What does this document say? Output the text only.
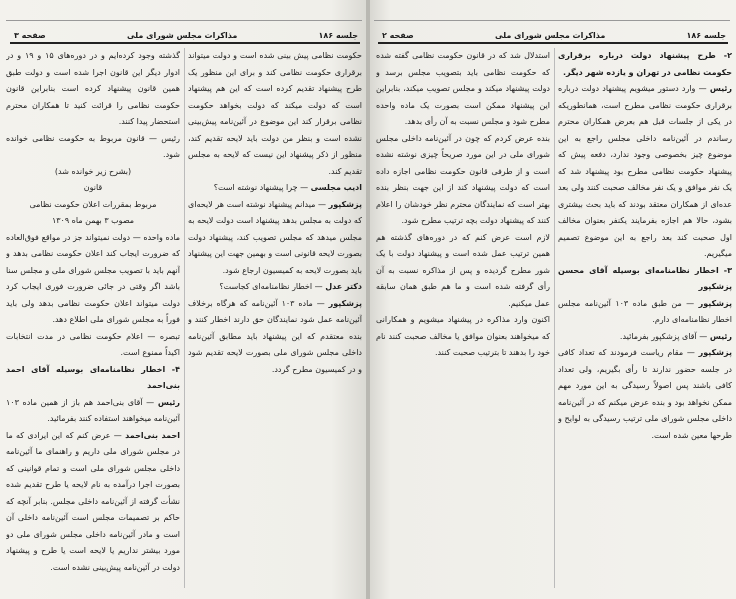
صفحه ۳	مذاکرات مجلس شورای ملی	جلسه ۱۸۶
حکومت نظامی پیش بینی شده است و دولت میتواند برقراری حکومت نظامی کند و برای این منظور یک طرح پیشنهاد تقدیم کرده است که این هم پیشنهاد است که دولت میکند که دولت بخواهد حکومت نظامی برقرار کند این موضوع در آئین‌نامه پیش‌بینی نشده است و بنظر من دولت باید لایحه تقدیم کند، منظور از ذکر پیشنهاد این نیست که لایحه به مجلس تقدیم کند.
ادیب مجلسی — چرا پیشنهاد نوشته است؟
پزشکپور — میدانم پیشنهاد نوشته است هر لایحه‌ای که دولت به مجلس بدهد پیشنهاد است دولت لایحه به مجلس میدهد که مجلس تصویب کند، پیشنهاد دولت بصورت لایحه قانونی است و بهمین جهت این پیشنهاد باید بصورت لایحه به کمیسیون ارجاع شود.
دکتر عدل — اخطار نظامنامه‌ای کجاست؟
پزشکپور — ماده ۱۰۳ آئین‌نامه که هرگاه برخلاف آئین‌نامه عمل شود نمایندگان حق دارند اخطار کنند و بنده معتقدم که این پیشنهاد باید مطابق آئین‌نامه داخلی مجلس شورای ملی بصورت لایحه تقدیم شود و در کمیسیون مطرح گردد.
گذشته وجود کرده‌ایم و در دوره‌های ۱۵ و ۱۹ و در ادوار دیگر این قانون اجرا شده است و دولت طبق همین قانون پیشنهاد کرده است بنابراین قانون حکومت نظامی را قرائت کنید تا همکاران محترم استحضار پیدا کنند.
رئیس — قانون مربوط به حکومت نظامی خوانده شود.
(بشرح زیر خوانده شد)
قانون
مربوط بمقررات اعلان حکومت نظامی
مصوب ۳ بهمن ماه ۱۳۰۹
ماده واحده — دولت نمیتواند جز در مواقع فوق‌العاده که ضرورت ایجاب کند اعلان حکومت نظامی بدهد و آنهم باید با تصویب مجلس شورای ملی و مجلس سنا باشد اگر وقتی در جائی ضرورت فوری ایجاب کرد دولت میتواند اعلان حکومت نظامی بدهد ولی باید فوراً به مجلس شورای ملی اطلاع دهد.
تبصره — اعلام حکومت نظامی در مدت انتخابات اکیداً ممنوع است.
۴- اخطار نظامنامه‌ای بوسیله آقای احمد بنی‌احمد
رئیس — آقای بنی‌احمد هم باز از همین ماده ۱۰۳ آئین‌نامه میخواهند استفاده کنند بفرمائید.
احمد بنی‌احمد — عرض کنم که این ایرادی که ما در مجلس شورای ملی داریم و راهنمای ما آئین‌نامه داخلی مجلس شورای ملی است و تمام قوانینی که بصورت اجرا درآمده به نام لایحه یا طرح تقدیم شده نشأت گرفته از آئین‌نامه داخلی مجلس. بنابر آنچه که حاکم بر تصمیمات مجلس است آئین‌نامه داخلی آن است و مادر آئین‌نامه داخلی مجلس شورای ملی دو مورد بیشتر نداریم یا لایحه است یا طرح و پیشنهاد دولت در آئین‌نامه پیش‌بینی نشده است.
صفحه ۲	مذاکرات مجلس شورای ملی	جلسه ۱۸۶
استدلال شد که در قانون حکومت نظامی گفته شده که حکومت نظامی باید بتصویب مجلس برسد و دولت پیشنهاد میکند و مجلس تصویب میکند، بنابراین این پیشنهاد ممکن است بصورت یک ماده واحده مطرح شود و مجلس نسبت به آن رأی بدهد.
بنده عرض کردم که چون در آئین‌نامه داخلی مجلس شورای ملی در این مورد صریحاً چیزی نوشته نشده است و از طرفی قانون حکومت نظامی اجازه داده است که دولت پیشنهاد کند از این جهت بنظر بنده بهتر است که نمایندگان محترم نظر خودشان را اعلام کنند که پیشنهاد دولت بچه ترتیب مطرح شود.
لازم است عرض کنم که در دوره‌های گذشته هم همین ترتیب عمل شده است و پیشنهاد دولت با یک شور مطرح گردیده و پس از مذاکره نسبت به آن رأی گرفته شده است و ما هم طبق همان سابقه عمل میکنیم.
اکنون وارد مذاکره در پیشنهاد میشویم و همکارانی که میخواهند بعنوان موافق یا مخالف صحبت کنند نام خود را بدهند تا بترتیب صحبت کنند.
۲- طرح پیشنهاد دولت درباره برقراری حکومت نظامی در تهران و یازده شهر دیگر.
رئیس — وارد دستور میشویم پیشنهاد دولت درباره برقراری حکومت نظامی مطرح است، همانطوریکه در یکی از جلسات قبل هم بعرض همکاران محترم رساندم در آئین‌نامه داخلی مجلس راجع به این موضوع چیز بخصوصی وجود ندارد، دفعه پیش که پیشنهاد حکومت نظامی مطرح بود پیشنهاد شد که یک نفر موافق و یک نفر مخالف صحبت کنند ولی بعد عده‌ای از همکاران معتقد بودند که باید بحث بیشتری بشود، حالا هم اجازه بفرمایند یکنفر بعنوان مخالف اول صحبت کند بعد راجع به این موضوع تصمیم میگیریم.
۳- اخطار نظامنامه‌ای بوسیله آقای محسن پزشکپور
پزشکپور — من طبق ماده ۱۰۳ آئین‌نامه مجلس اخطار نظامنامه‌ای دارم.
رئیس — آقای پزشکپور بفرمائید.
پزشکپور — مقام ریاست فرمودند که تعداد کافی در جلسه حضور ندارند تا رأی بگیریم، ولی تعداد کافی باشند پس اصولاً رسیدگی به این مورد مهم ممکن نخواهد بود و بنده عرض میکنم که در آئین‌نامه داخلی مجلس شورای ملی ترتیب رسیدگی به لوایح و طرحها معین شده است.
